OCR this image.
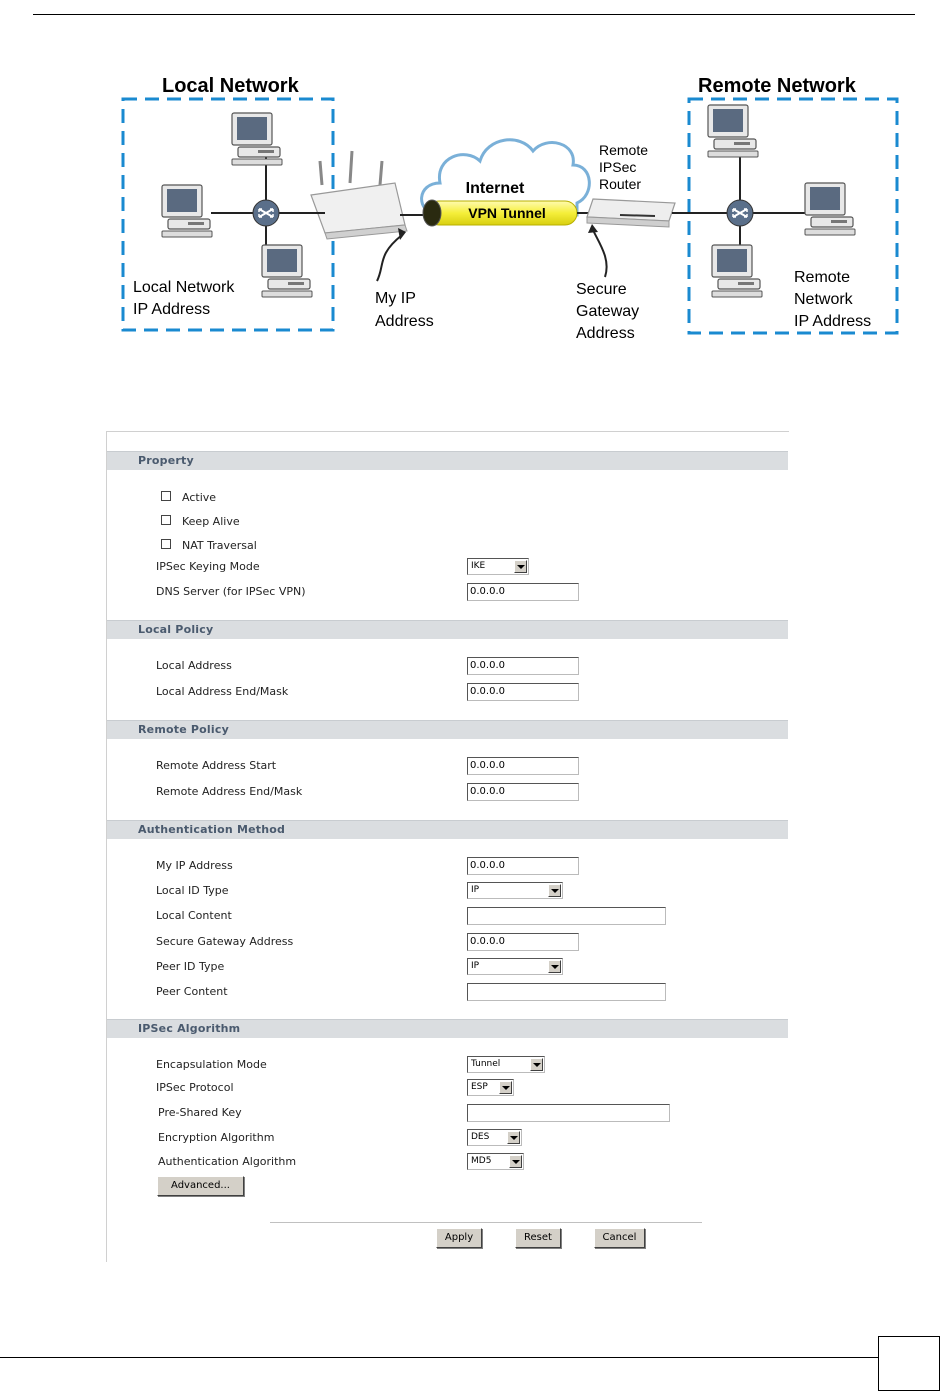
Local Network	Remote Network
Internet
VPN Tunnel
Remote IPSec Router
Local Network IP Address
My IP Address
Secure Gateway Address
Remote Network IP Address
Property
Active
Keep Alive
NAT Traversal
IPSec Keying Mode	IKE
DNS Server (for IPSec VPN)	0.0.0.0
Local Policy
Local Address	0.0.0.0
Local Address End/Mask	0.0.0.0
Remote Policy
Remote Address Start	0.0.0.0
Remote Address End/Mask	0.0.0.0
Authentication Method
My IP Address	0.0.0.0
Local ID Type	IP
Local Content
Secure Gateway Address	0.0.0.0
Peer ID Type	IP
Peer Content
IPSec Algorithm
Encapsulation Mode	Tunnel
IPSec Protocol	ESP
Pre-Shared Key
Encryption Algorithm	DES
Authentication Algorithm	MD5
Advanced...
Apply	Reset	Cancel
